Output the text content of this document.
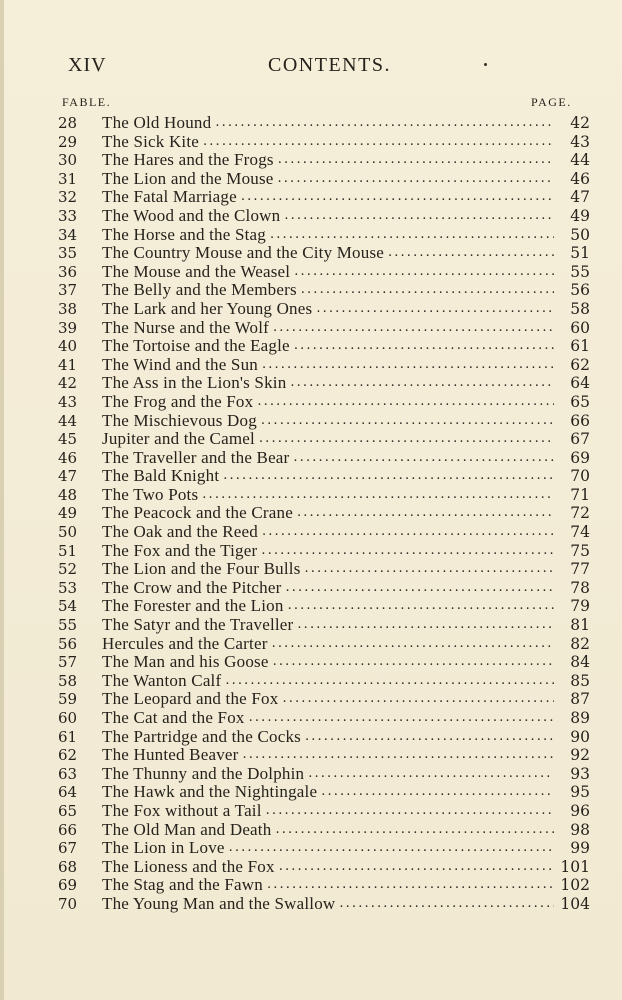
XIV	CONTENTS.
FABLE.	PAGE.
28	The Old Hound . . .	42
29	The Sick Kite . . .	43
30	The Hares and the Frogs . . .	44
31	The Lion and the Mouse . . .	46
32	The Fatal Marriage . . .	47
33	The Wood and the Clown . . .	49
34	The Horse and the Stag . . .	50
35	The Country Mouse and the City Mouse . . .	51
36	The Mouse and the Weasel . . .	55
37	The Belly and the Members . . .	56
38	The Lark and her Young Ones . . .	58
39	The Nurse and the Wolf . . .	60
40	The Tortoise and the Eagle . . .	61
41	The Wind and the Sun . . .	62
42	The Ass in the Lion's Skin . . .	64
43	The Frog and the Fox . . .	65
44	The Mischievous Dog . . .	66
45	Jupiter and the Camel . . .	67
46	The Traveller and the Bear . . .	69
47	The Bald Knight . . .	70
48	The Two Pots . . .	71
49	The Peacock and the Crane . . .	72
50	The Oak and the Reed . . .	74
51	The Fox and the Tiger . . .	75
52	The Lion and the Four Bulls . . .	77
53	The Crow and the Pitcher . . .	78
54	The Forester and the Lion . . .	79
55	The Satyr and the Traveller . . .	81
56	Hercules and the Carter . . .	82
57	The Man and his Goose . . .	84
58	The Wanton Calf . . .	85
59	The Leopard and the Fox . . .	87
60	The Cat and the Fox . . .	89
61	The Partridge and the Cocks . . .	90
62	The Hunted Beaver . . .	92
63	The Thunny and the Dolphin . . .	93
64	The Hawk and the Nightingale . . .	95
65	The Fox without a Tail . . .	96
66	The Old Man and Death . . .	98
67	The Lion in Love . . .	99
68	The Lioness and the Fox . . .	101
69	The Stag and the Fawn . . .	102
70	The Young Man and the Swallow . . .	104
